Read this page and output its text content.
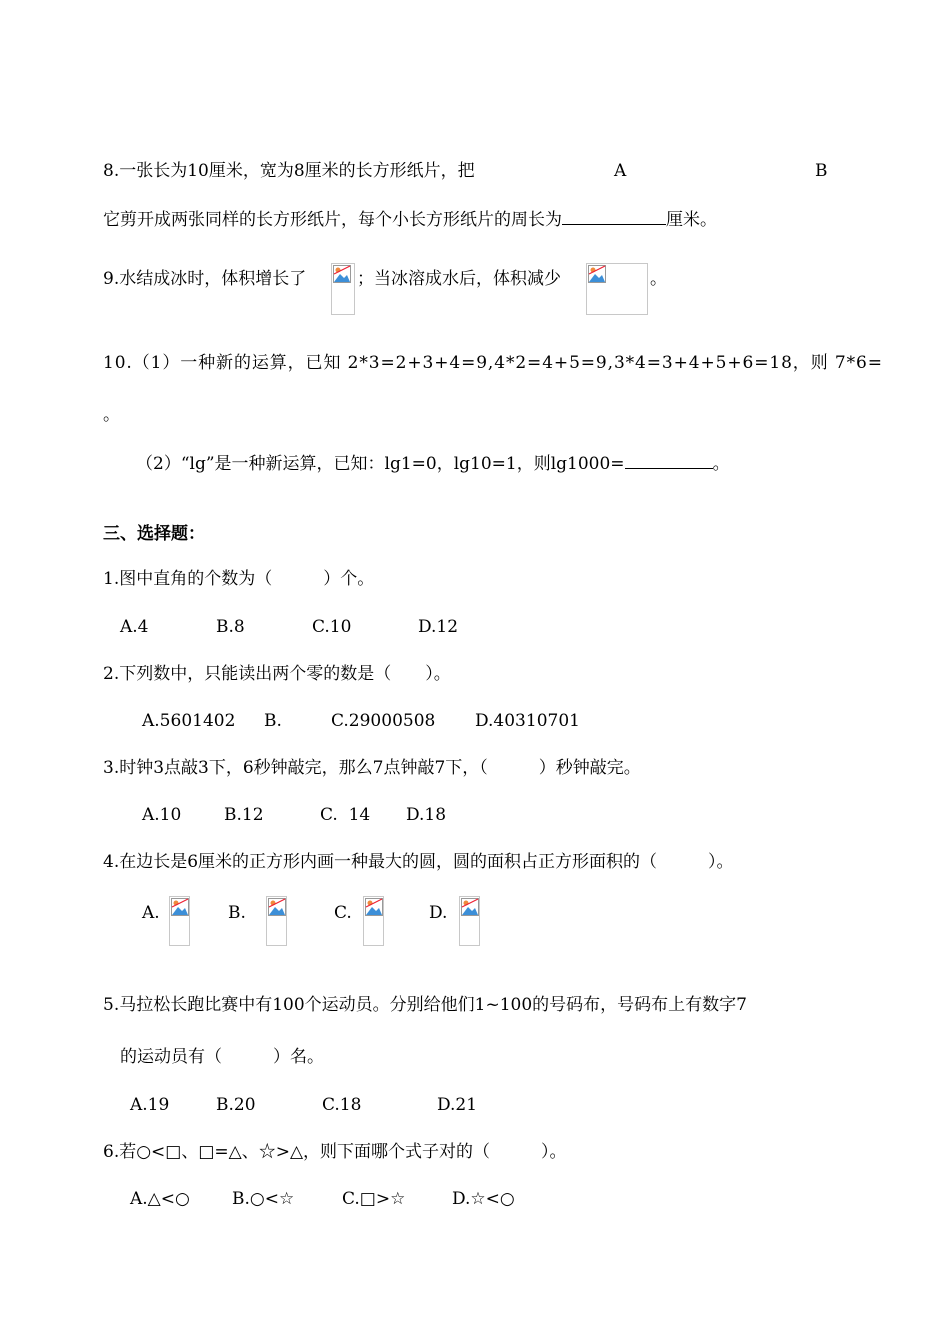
8.一张长为10厘米，宽为8厘米的长方形纸片，把	A	B
它剪开成两张同样的长方形纸片，每个小长方形纸片的周长为	厘米。
9.水结成冰时，体积增长了	；当冰溶成水后，体积减少	。
10.（1）一种新的运算，已知 2*3=2+3+4=9,4*2=4+5=9,3*4=3+4+5+6=18，则 7*6=
。
（2）“lg”是一种新运算，已知：lg1=0，lg10=1，则lg1000=	。
三、选择题：
1.图中直角的个数为（　　　）个。
A.4	B.8	C.10	D.12
2.下列数中，只能读出两个零的数是（　　）。
A.5601402 B.	C.29000508 D.40310701
3.时钟3点敲3下，6秒钟敲完，那么7点钟敲7下，（　　　）秒钟敲完。
A.10	B.12	C.  14 D.18
4.在边长是6厘米的正方形内画一种最大的圆，圆的面积占正方形面积的（　　　）。
A.	B.	C.	D.
5.马拉松长跑比赛中有100个运动员。分别给他们1~100的号码布，号码布上有数字7
的运动员有（　　　）名。
A.19	B.20	C.18	D.21
6.若○<□、□=△、☆>△，则下面哪个式子对的（　　　）。
A.△<○ B.○<☆	C.□>☆	D.☆<○
